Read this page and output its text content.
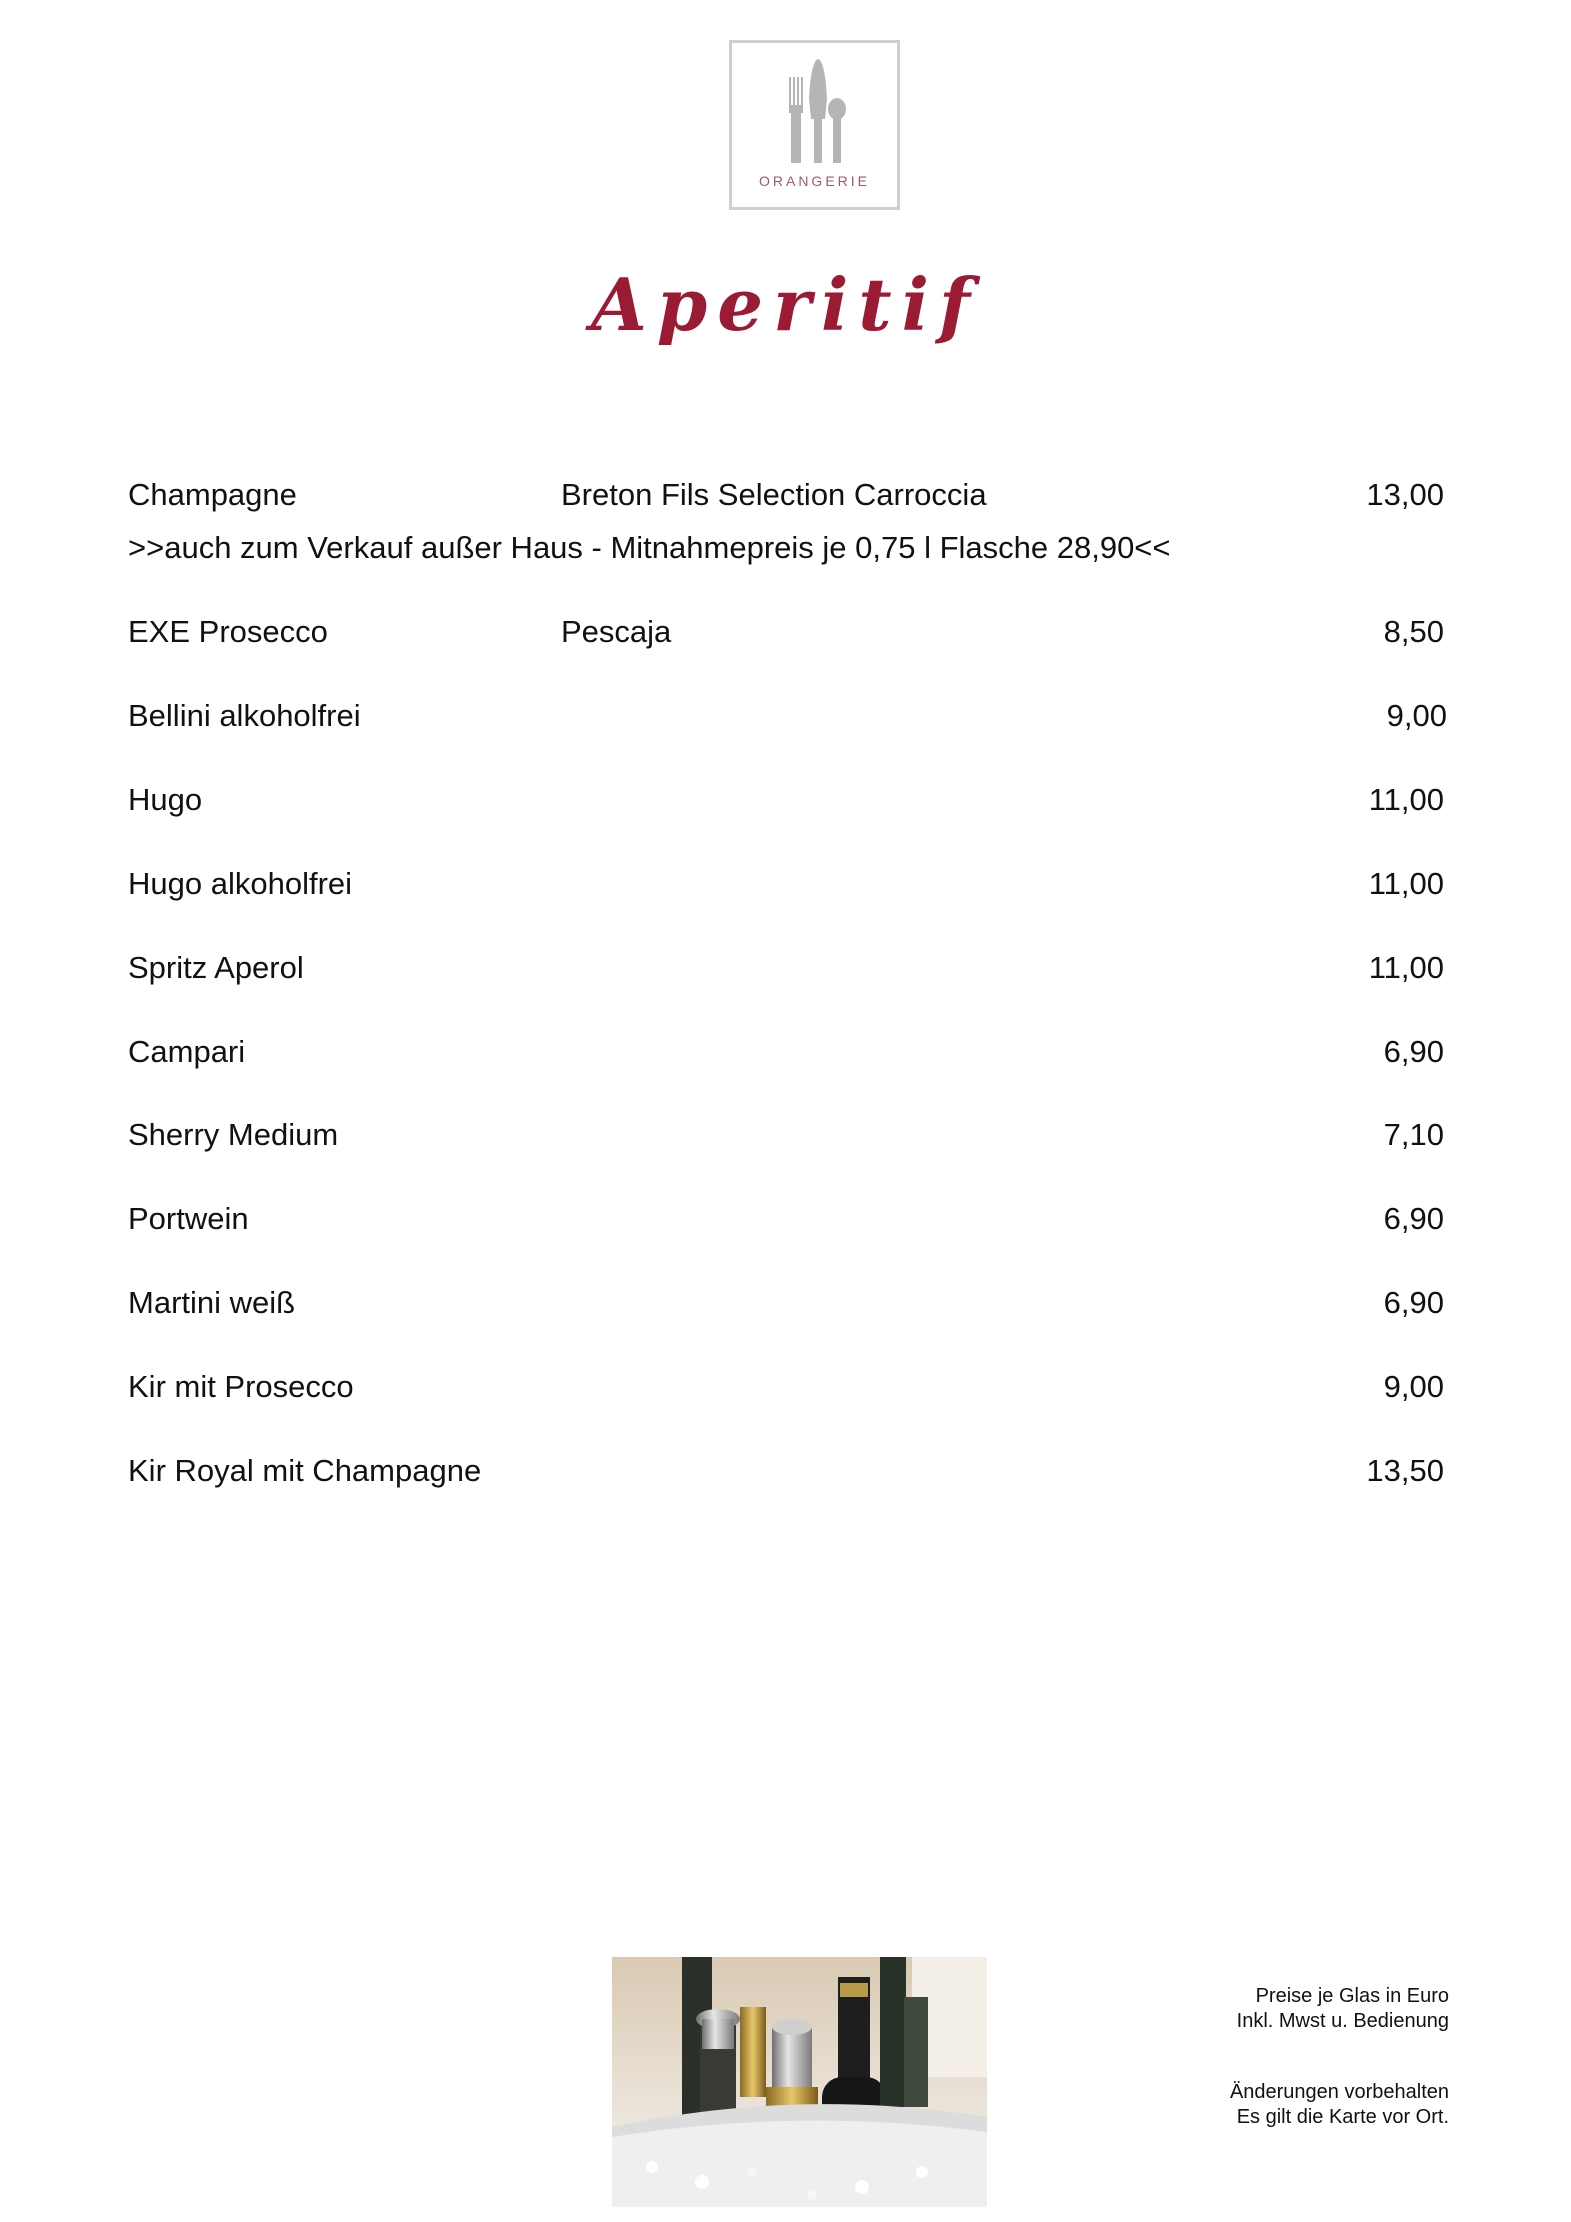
ORANGERIE
Aperitif
Champagne	Breton Fils Selection Carroccia	13,00
>>auch zum Verkauf außer Haus - Mitnahmepreis je 0,75 l Flasche 28,90<<
EXE Prosecco	Pescaja	8,50
Bellini alkoholfrei	9,00
Hugo	11,00
Hugo alkoholfrei	11,00
Spritz Aperol	11,00
Campari	6,90
Sherry Medium	7,10
Portwein	6,90
Martini weiß	6,90
Kir mit Prosecco	9,00
Kir Royal mit Champagne	13,50
Preise je Glas in Euro
Inkl. Mwst u. Bedienung
Änderungen vorbehalten
Es gilt die Karte vor Ort.
